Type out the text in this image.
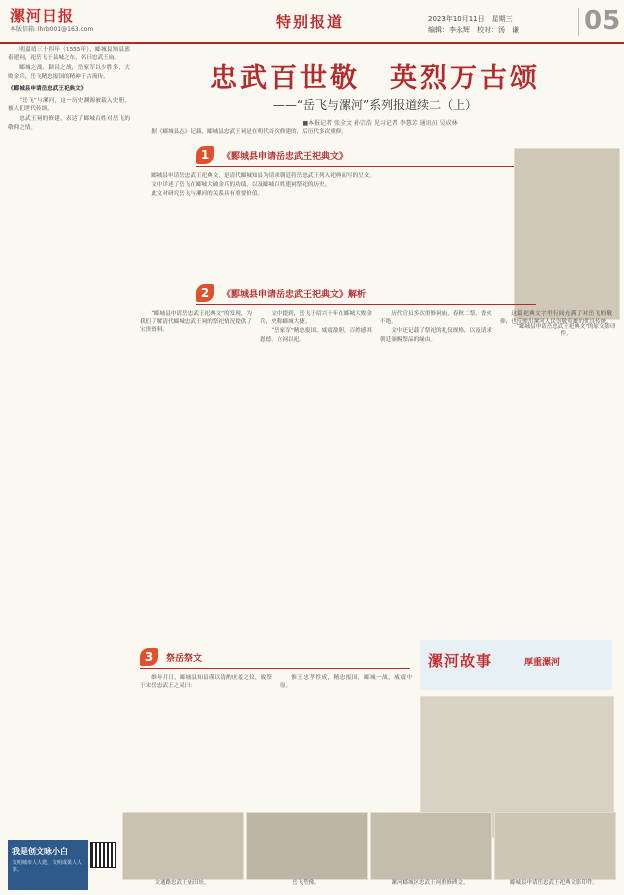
漯河日报
本版信箱: lhrb001@163.com	特别报道	2023年10月11日　星期三
编辑：李永辉　校对：汤　谦	05

明嘉靖三十四年（1555年），郾城县知县郭泰建祠，祀岳飞于县城之东，名曰忠武王庙。

郾城之战、颍昌之战，岳家军以少胜多，大败金兵，岳飞精忠报国的精神千古流传。

《郾城县申请岳忠武王祀典文》

“岳飞”与漯河，这一历史渊源被载入史册，被人们世代传颂。

忠武王祠的修建，表达了郾城百姓对岳飞的敬仰之情。

忠武百世敬　英烈万古颂
——“岳飞与漯河”系列报道续二（上）
■本报记者 张全文 孙宗浩 见习记者 李慧芳 通讯员 吴成林

据《郾城县志》记载，郾城县忠武王祠是在明代首次修建的，后历代多次重修。

1	《郾城县申请岳忠武王祀典文》

郾城县申请岳忠武王祀典文，是清代郾城知县为请求朝廷将岳忠武王列入祀典而写的呈文。

文中详述了岳飞在郾城大破金兵的功绩，以及郾城百姓建祠祭祀的历史。

此文对研究岳飞与漯河的关系具有重要价值。

“郾城县申请岳忠武王祀典文”的原文影印件。
2	《郾城县申请岳忠武王祀典文》解析

“郾城县申请岳忠武王祀典文”的发现，为我们了解清代郾城忠武王祠的祭祀情况提供了宝贵资料。

文中提到，岳飞于绍兴十年在郾城大败金兵，史称郾城大捷。

“岳家军”精忠报国、威震敌胆，百姓感其恩德，立祠以祀。

历代官员多次重修祠庙，春秋二祭，香火不绝。

文中还记载了祭祀的礼仪规格，以及请求朝廷颁赐祭品的缘由。

这篇祀典文字里行间充满了对岳飞的敬仰，也反映出漯河人民崇敬英雄的优良传统。

3	祭岳祭文

维年月日，郾城县知县谨以清酌庶羞之仪，致祭于宋岳忠武王之灵曰：

惟王忠孝性成，精忠报国，郾城一战，威震中原。

漯河故事	厚重漯河
文通路忠武王庙旧址。	岳飞塑像。	漯河郾城区忠武王祠重修碑文。	郾城县申请岳忠武王祀典文影印件。
我是创文咏小白
文明城市人人建，文明成果人人享。
